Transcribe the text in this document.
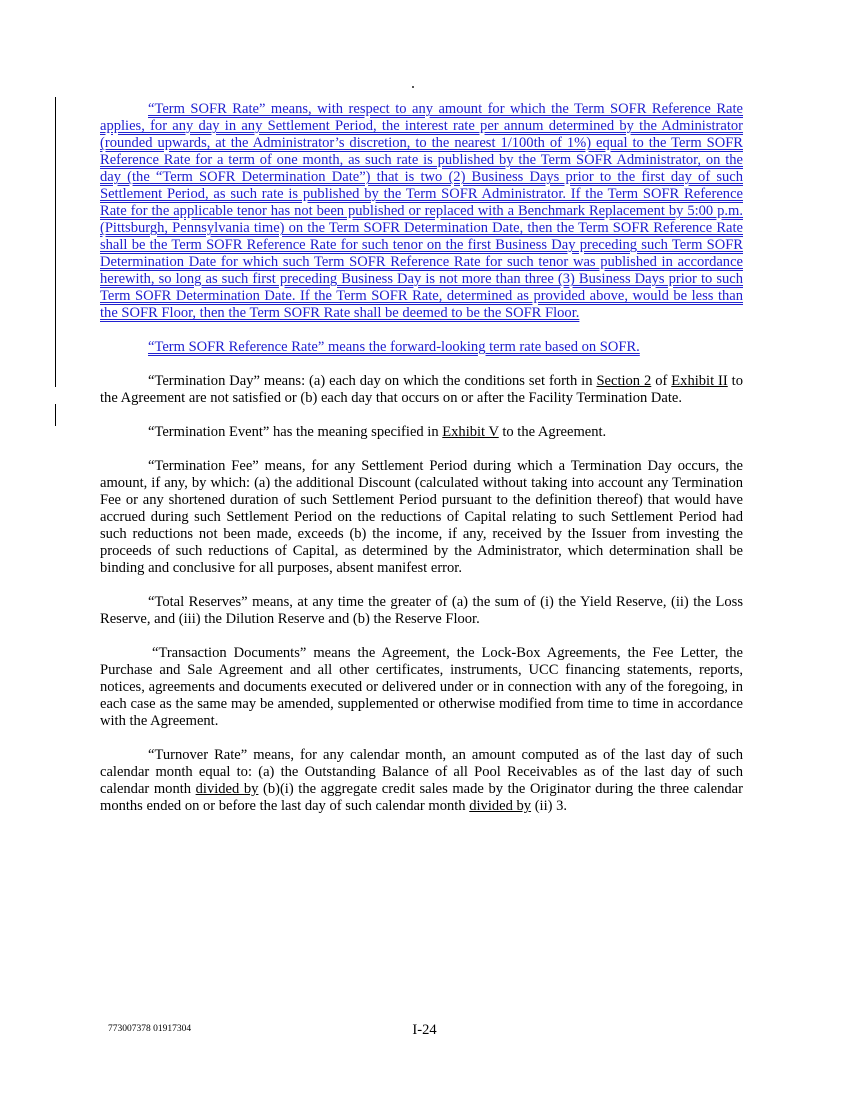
“Term SOFR Rate” means, with respect to any amount for which the Term SOFR Reference Rate applies, for any day in any Settlement Period, the interest rate per annum determined by the Administrator (rounded upwards, at the Administrator’s discretion, to the nearest 1/100th of 1%) equal to the Term SOFR Reference Rate for a term of one month, as such rate is published by the Term SOFR Administrator, on the day (the “Term SOFR Determination Date”) that is two (2) Business Days prior to the first day of such Settlement Period, as such rate is published by the Term SOFR Administrator. If the Term SOFR Reference Rate for the applicable tenor has not been published or replaced with a Benchmark Replacement by 5:00 p.m. (Pittsburgh, Pennsylvania time) on the Term SOFR Determination Date, then the Term SOFR Reference Rate shall be the Term SOFR Reference Rate for such tenor on the first Business Day preceding such Term SOFR Determination Date for which such Term SOFR Reference Rate for such tenor was published in accordance herewith, so long as such first preceding Business Day is not more than three (3) Business Days prior to such Term SOFR Determination Date. If the Term SOFR Rate, determined as provided above, would be less than the SOFR Floor, then the Term SOFR Rate shall be deemed to be the SOFR Floor.

“Term SOFR Reference Rate” means the forward-looking term rate based on SOFR.

“Termination Day” means: (a) each day on which the conditions set forth in Section 2 of Exhibit II to the Agreement are not satisfied or (b) each day that occurs on or after the Facility Termination Date.

“Termination Event” has the meaning specified in Exhibit V to the Agreement.

“Termination Fee” means, for any Settlement Period during which a Termination Day occurs, the amount, if any, by which: (a) the additional Discount (calculated without taking into account any Termination Fee or any shortened duration of such Settlement Period pursuant to the definition thereof) that would have accrued during such Settlement Period on the reductions of Capital relating to such Settlement Period had such reductions not been made, exceeds (b) the income, if any, received by the Issuer from investing the proceeds of such reductions of Capital, as determined by the Administrator, which determination shall be binding and conclusive for all purposes, absent manifest error.

“Total Reserves” means, at any time the greater of (a) the sum of (i) the Yield Reserve, (ii) the Loss Reserve, and (iii) the Dilution Reserve and (b) the Reserve Floor.

“Transaction Documents” means the Agreement, the Lock-Box Agreements, the Fee Letter, the Purchase and Sale Agreement and all other certificates, instruments, UCC financing statements, reports, notices, agreements and documents executed or delivered under or in connection with any of the foregoing, in each case as the same may be amended, supplemented or otherwise modified from time to time in accordance with the Agreement.

“Turnover Rate” means, for any calendar month, an amount computed as of the last day of such calendar month equal to: (a) the Outstanding Balance of all Pool Receivables as of the last day of such calendar month divided by (b)(i) the aggregate credit sales made by the Originator during the three calendar months ended on or before the last day of such calendar month divided by (ii) 3.

773007378 01917304	I-24
